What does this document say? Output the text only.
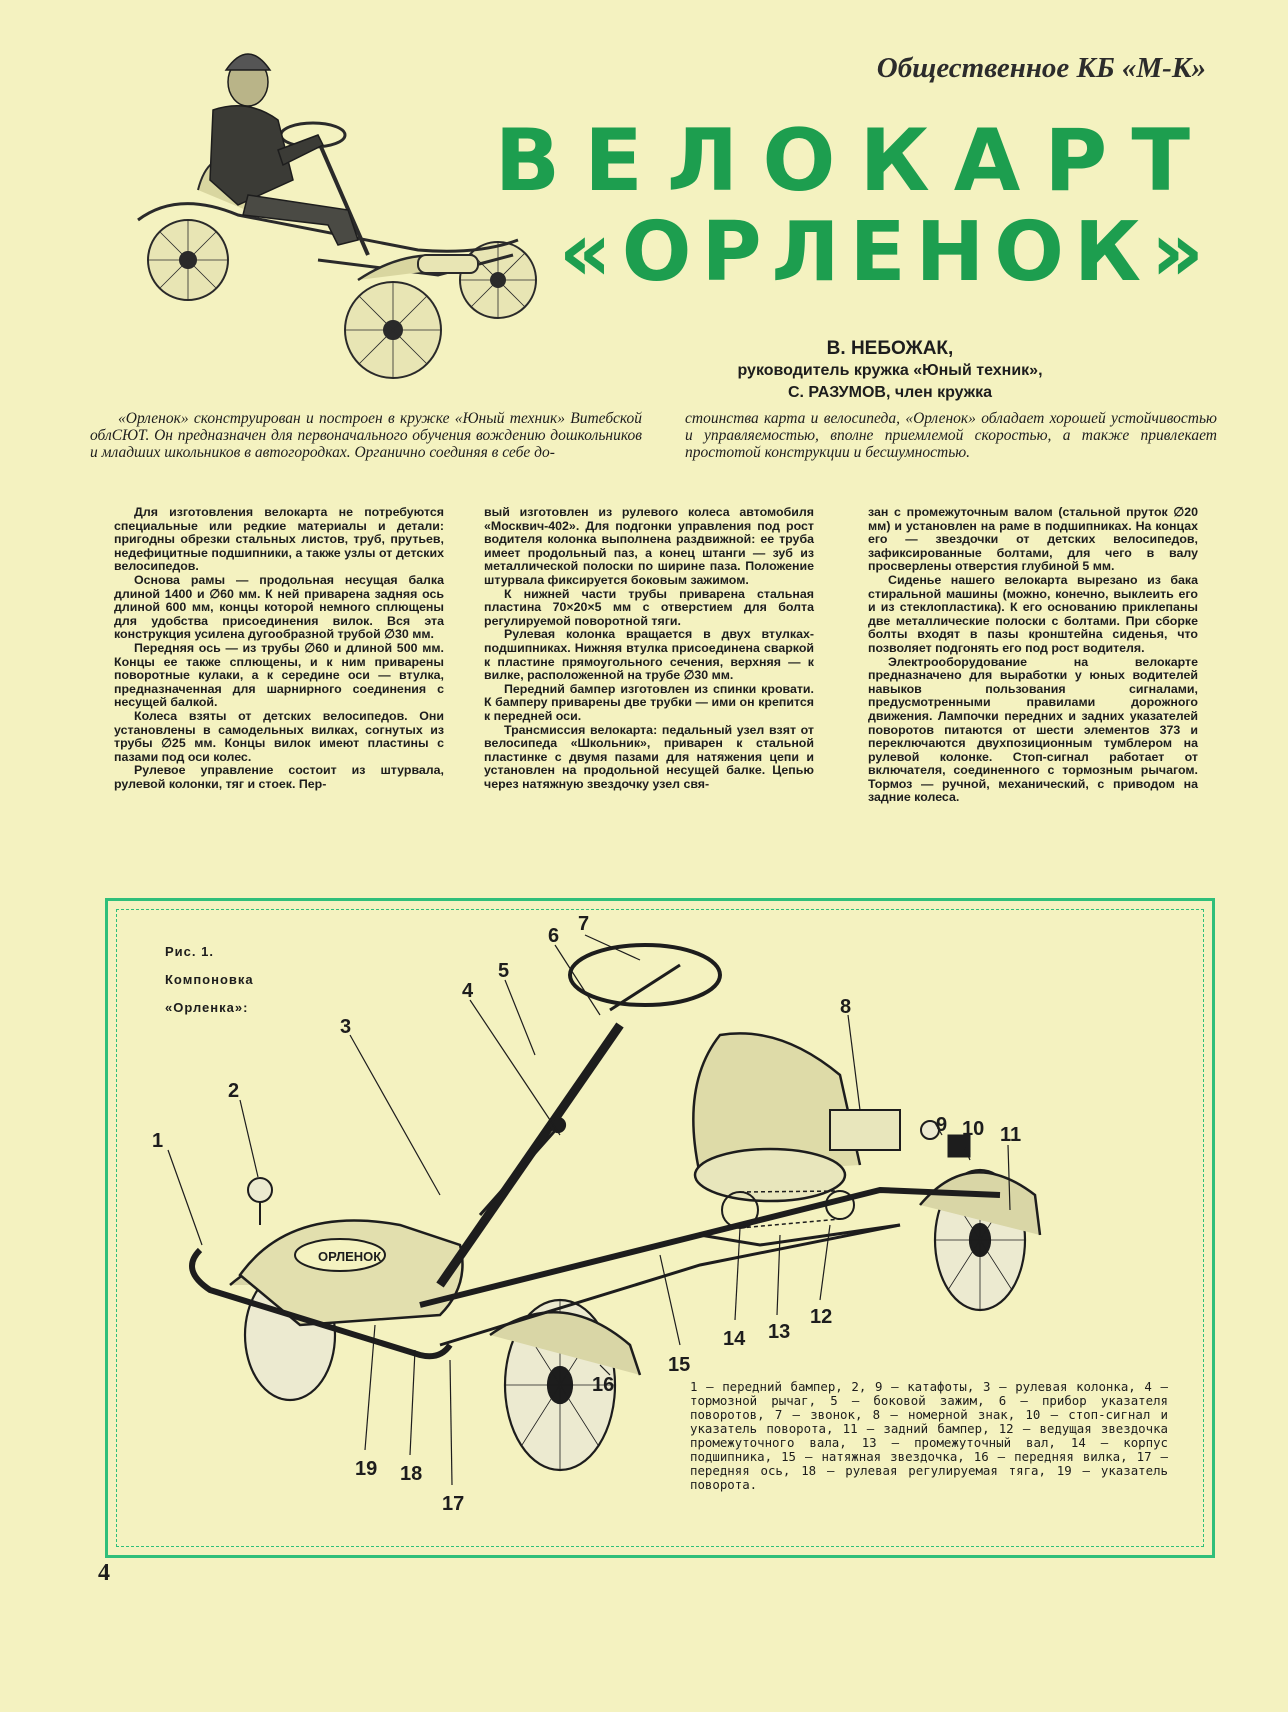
Общественное КБ «М-К»
ВЕЛОКАРТ
«ОРЛЕНОК»
В. НЕБОЖАК,
руководитель кружка «Юный техник»,
С. РАЗУМОВ, член кружка

«Орленок» сконструирован и построен в кружке «Юный техник» Витебской облСЮТ. Он предназначен для первоначального обучения вождению дошкольников и младших школьников в автогородках. Органично соединяя в себе до-

стоинства карта и велосипеда, «Орленок» обладает хорошей устойчивостью и управляемостью, вполне приемлемой скоростью, а также привлекает простотой конструкции и бесшумностью.

Для изготовления велокарта не потребуются специальные или редкие материалы и детали: пригодны обрезки стальных листов, труб, прутьев, недефицитные подшипники, а также узлы от детских велосипедов.

Основа рамы — продольная несущая балка длиной 1400 и ∅60 мм. К ней приварена задняя ось длиной 600 мм, концы которой немного сплющены для удобства присоединения вилок. Вся эта конструкция усилена дугообразной трубой ∅30 мм.

Передняя ось — из трубы ∅60 и длиной 500 мм. Концы ее также сплющены, и к ним приварены поворотные кулаки, а к середине оси — втулка, предназначенная для шарнирного соединения с несущей балкой.

Колеса взяты от детских велосипедов. Они установлены в самодельных вилках, согнутых из трубы ∅25 мм. Концы вилок имеют пластины с пазами под оси колес.

Рулевое управление состоит из штурвала, рулевой колонки, тяг и стоек. Пер-

вый изготовлен из рулевого колеса автомобиля «Москвич-402». Для подгонки управления под рост водителя колонка выполнена раздвижной: ее труба имеет продольный паз, а конец штанги — зуб из металлической полоски по ширине паза. Положение штурвала фиксируется боковым зажимом.

К нижней части трубы приварена стальная пластина 70×20×5 мм с отверстием для болта регулируемой поворотной тяги.

Рулевая колонка вращается в двух втулках-подшипниках. Нижняя втулка присоединена сваркой к пластине прямоугольного сечения, верхняя — к вилке, расположенной на трубе ∅30 мм.

Передний бампер изготовлен из спинки кровати. К бамперу приварены две трубки — ими он крепится к передней оси.

Трансмиссия велокарта: педальный узел взят от велосипеда «Школьник», приварен к стальной пластинке с двумя пазами для натяжения цепи и установлен на продольной несущей балке. Цепью через натяжную звездочку узел свя-

зан с промежуточным валом (стальной пруток ∅20 мм) и установлен на раме в подшипниках. На концах его — звездочки от детских велосипедов, зафиксированные болтами, для чего в валу просверлены отверстия глубиной 5 мм.

Сиденье нашего велокарта вырезано из бака стиральной машины (можно, конечно, выклеить его и из стеклопластика). К его основанию приклепаны две металлические полоски с болтами. При сборке болты входят в пазы кронштейна сиденья, что позволяет подгонять его под рост водителя.

Электрооборудование на велокарте предназначено для выработки у юных водителей навыков пользования сигналами, предусмотренными правилами дорожного движения. Лампочки передних и задних указателей поворотов питаются от шести элементов 373 и переключаются двухпозиционным тумблером на рулевой колонке. Стоп-сигнал работает от включателя, соединенного с тормозным рычагом. Тормоз — ручной, механический, с приводом на задние колеса.

Рис. 1.
Компоновка
«Орленка»:
ОРЛЕНОК
1
2
3
4
5
6
7
8
9 10 11
12
13
14
15
16
17
18
19

1 — передний бампер, 2, 9 — катафоты, 3 — рулевая колонка, 4 — тормозной рычаг, 5 — боковой зажим, 6 — прибор указателя поворотов, 7 — звонок, 8 — номерной знак, 10 — стоп-сигнал и указатель поворота, 11 — задний бампер, 12 — ведущая звездочка промежуточного вала, 13 — промежуточный вал, 14 — корпус подшипника, 15 — натяжная звездочка, 16 — передняя вилка, 17 — передняя ось, 18 — рулевая регулируемая тяга, 19 — указатель поворота.

4
